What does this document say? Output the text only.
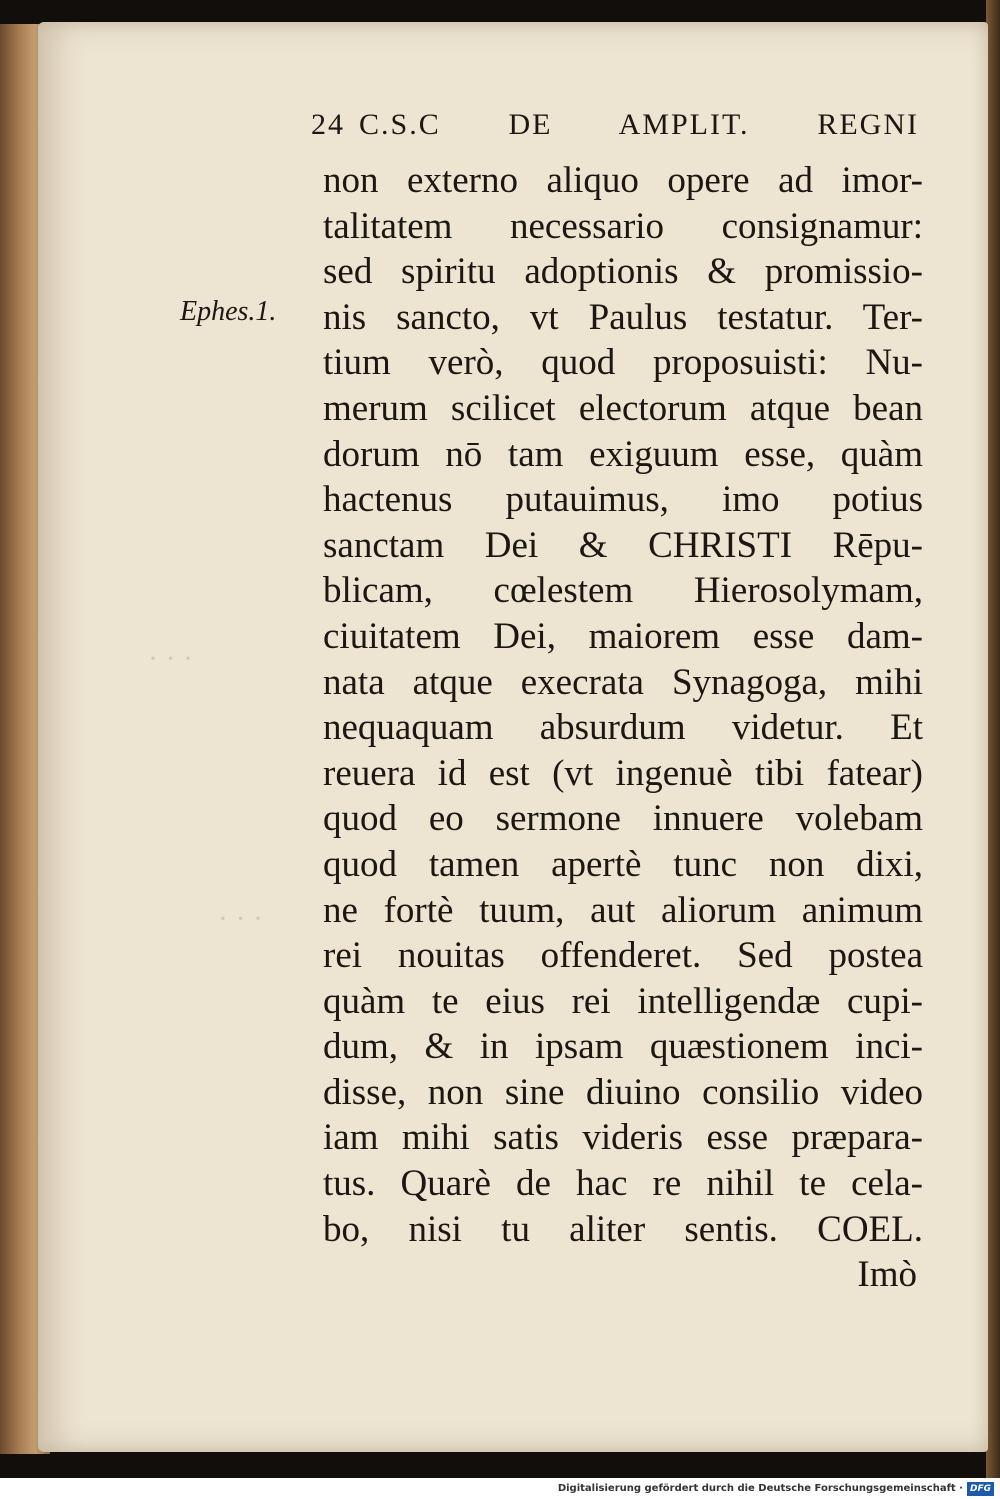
· · ·
· · ·
24 C.S.C DE AMPLIT. REGNI
non externo aliquo opere ad imor-
talitatem necessario consignamur:
sed spiritu adoptionis & promissio-
nis sancto, vt Paulus testatur. Ter-
tium verò, quod proposuisti: Nu-
merum scilicet electorum atque bean
dorum nō tam exiguum esse, quàm
hactenus putauimus, imo potius
sanctam Dei & CHRISTI Rēpu-
blicam, cœlestem Hierosolymam,
ciuitatem Dei, maiorem esse dam-
nata atque execrata Synagoga, mihi
nequaquam absurdum videtur. Et
reuera id est (vt ingenuè tibi fatear)
quod eo sermone innuere volebam
quod tamen apertè tunc non dixi,
ne fortè tuum, aut aliorum animum
rei nouitas offenderet. Sed postea
quàm te eius rei intelligendæ cupi-
dum, & in ipsam quæstionem inci-
disse, non sine diuino consilio video
iam mihi satis videris esse præpara-
tus. Quarè de hac re nihil te cela-
bo, nisi tu aliter sentis. COEL.
Imò
Ephes.1.
Digitalisierung gefördert durch die Deutsche Forschungsgemeinschaft · DFG
